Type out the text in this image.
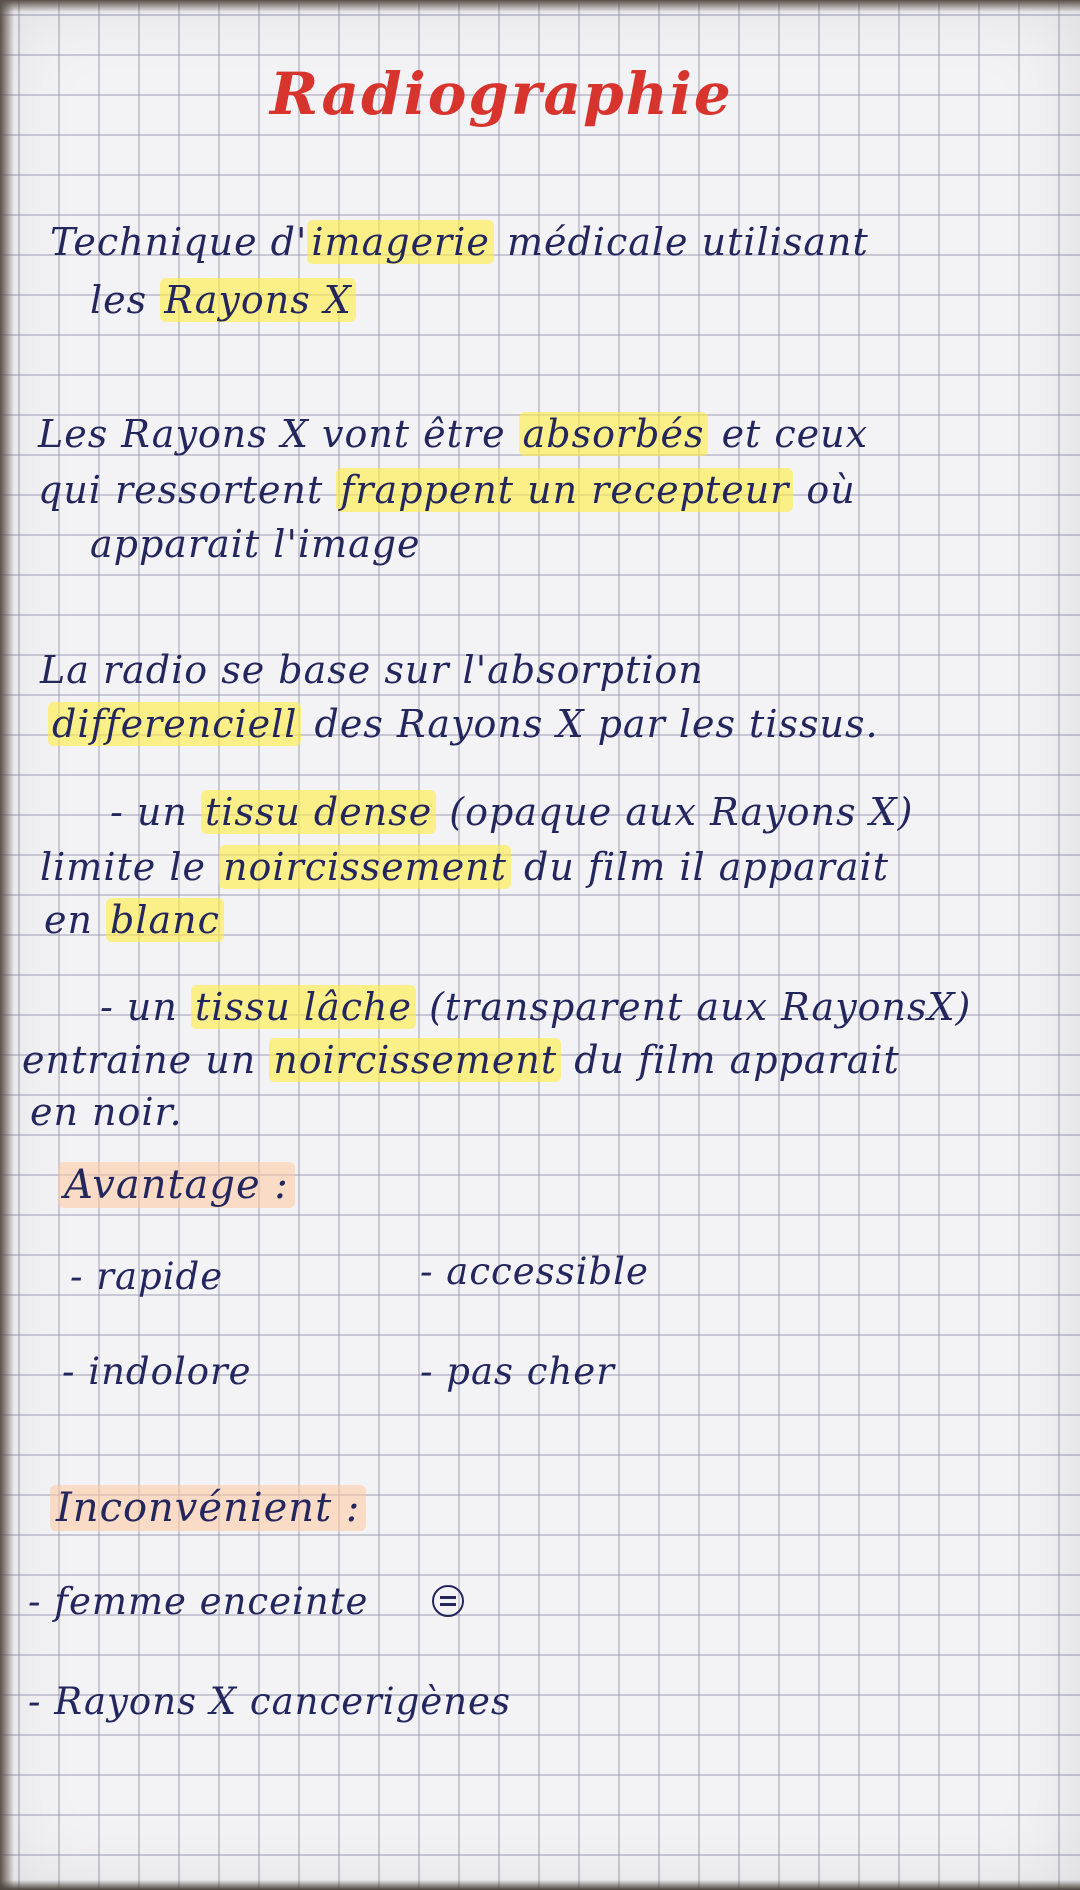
Radiographie

Technique d' imagerie médicale utilisant

les Rayons X

Les Rayons X vont être absorbés et ceux

qui ressortent frappent un recepteur où

apparait l'image

La radio se base sur l'absorption

differenciell des Rayons X par les tissus.

- un tissu dense (opaque aux Rayons X)

limite le noircissement du film il apparait

en blanc

- un tissu lâche (transparent aux RayonsX)

entraine un noircissement du film apparait

en noir.

Avantage :

- rapide	- accessible

- indolore	- pas cher

Inconvénient :

- femme enceinte

- Rayons X cancerigènes
